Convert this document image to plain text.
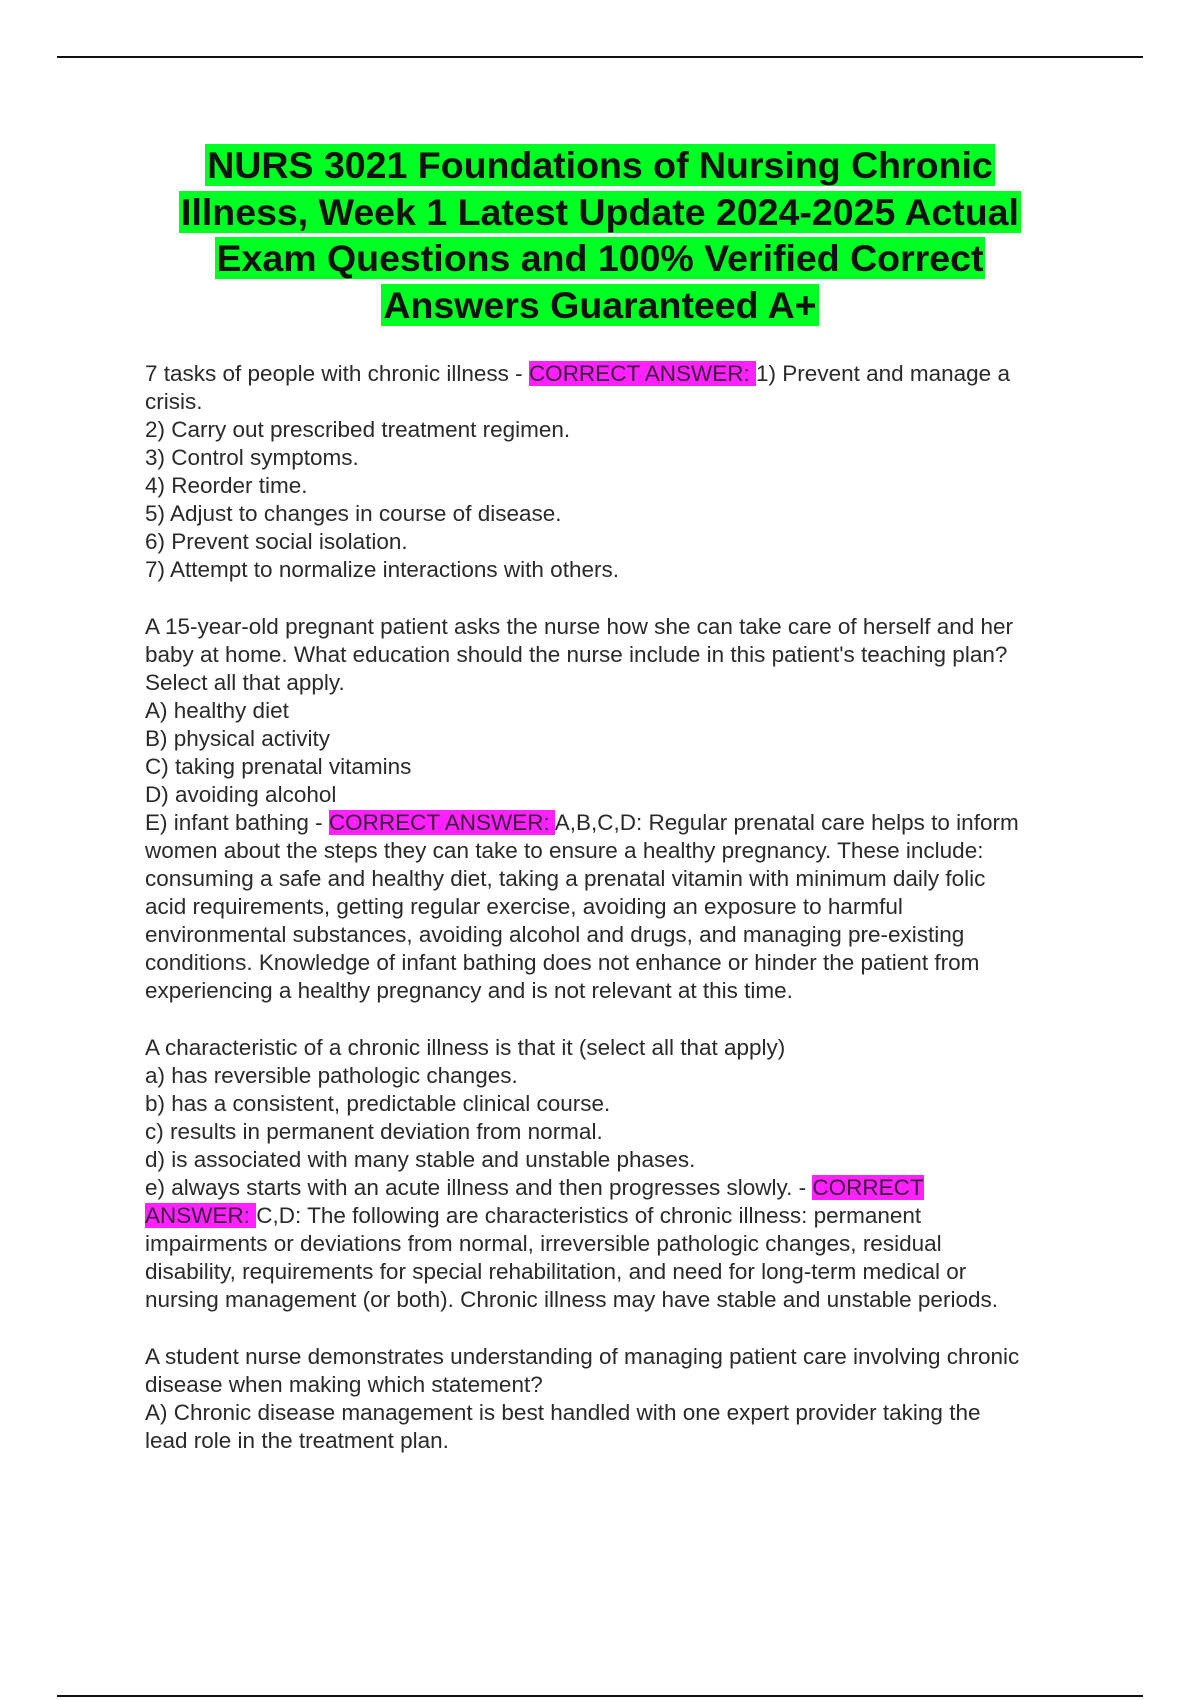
NURS 3021 Foundations of Nursing Chronic
Illness, Week 1 Latest Update 2024-2025 Actual
Exam Questions and 100% Verified Correct
Answers Guaranteed A+
7 tasks of people with chronic illness - CORRECT ANSWER: 1) Prevent and manage a
crisis.
2) Carry out prescribed treatment regimen.
3) Control symptoms.
4) Reorder time.
5) Adjust to changes in course of disease.
6) Prevent social isolation.
7) Attempt to normalize interactions with others.
A 15-year-old pregnant patient asks the nurse how she can take care of herself and her
baby at home. What education should the nurse include in this patient's teaching plan?
Select all that apply.
A) healthy diet
B) physical activity
C) taking prenatal vitamins
D) avoiding alcohol
E) infant bathing - CORRECT ANSWER: A,B,C,D: Regular prenatal care helps to inform
women about the steps they can take to ensure a healthy pregnancy. These include:
consuming a safe and healthy diet, taking a prenatal vitamin with minimum daily folic
acid requirements, getting regular exercise, avoiding an exposure to harmful
environmental substances, avoiding alcohol and drugs, and managing pre-existing
conditions. Knowledge of infant bathing does not enhance or hinder the patient from
experiencing a healthy pregnancy and is not relevant at this time.
A characteristic of a chronic illness is that it (select all that apply)
a) has reversible pathologic changes.
b) has a consistent, predictable clinical course.
c) results in permanent deviation from normal.
d) is associated with many stable and unstable phases.
e) always starts with an acute illness and then progresses slowly. - CORRECT
ANSWER: C,D: The following are characteristics of chronic illness: permanent
impairments or deviations from normal, irreversible pathologic changes, residual
disability, requirements for special rehabilitation, and need for long-term medical or
nursing management (or both). Chronic illness may have stable and unstable periods.
A student nurse demonstrates understanding of managing patient care involving chronic
disease when making which statement?
A) Chronic disease management is best handled with one expert provider taking the
lead role in the treatment plan.
